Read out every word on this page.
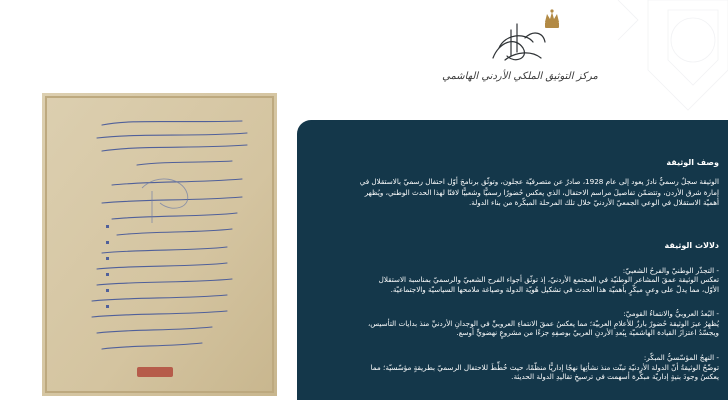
مركز التوثيق الملكي الأردني الهاشمي
وصف الوثيقة
الوثيقة سجلٌ رسميٌّ نادرٌ يعود إلى عام 1928، صادرٌ عن متصرفيّة عجلون، وتوثّق برنامجَ أوّل احتفال رسميّ بالاستقلال في
إمارة شرق الأردن، وتتضمّن تفاصيلَ مراسم الاحتفال، الذي يعكس حُضورًا رسميًّا وشعبيًّا لافتًا لهذا الحدث الوطني، ويُظهر
أهميّة الاستقلال في الوعي الجمعيّ الأردنيّ خلال تلك المرحلة المبكّرة من بناء الدولة.
دلالات الوثيقة
- التجذّر الوطنيّ والفرحُ الشعبيّ:
تعكس الوثيقة عمقَ المشاعر الوطنيّة في المجتمع الأردنيّ، إذ توثّق أجواء الفرح الشعبيّ والرسميّ بمناسبة الاستقلال
الأوّل، مما يدلّ على وعيٍ مبكّرٍ بأهميّة هذا الحدث في تشكيل هُويّة الدولة وصياغة ملامحها السياسيّة والاجتماعيّة.
- البُعدُ العروبيُّ والانتماءُ القوميّ:
يُظهِرُ عبرَ الوثيقة حُضورٌ بارزٌ للأعلامِ العربيّة؛ مما يعكسُ عمقَ الانتماءِ العروبيِّ في الوجدانِ الأردنيِّ منذ بدايات التأسيس،
ويجسّدُ اعتزازَ القيادة الهاشميّة بِبُعدِ الأردنِ العربيّ بوصفِهِ جزءًا من مشروعٍ نهضويٍّ أوسع.
- النهجُ المؤسّسيُّ المبكّر:
توضّحُ الوثيقةُ أنّ الدولة الأردنيّة تبنّت منذ نشأتِها نهجًا إداريًّا منظّمًا، حيث خُطِّطَ للاحتفال الرسميّ بطريقةٍ مؤسّسيّة؛ مما
يعكسُ وجودَ بنيةٍ إداريّة مبكّرة أسهمت في ترسيخِ تقاليدِ الدولة الحديثة.
